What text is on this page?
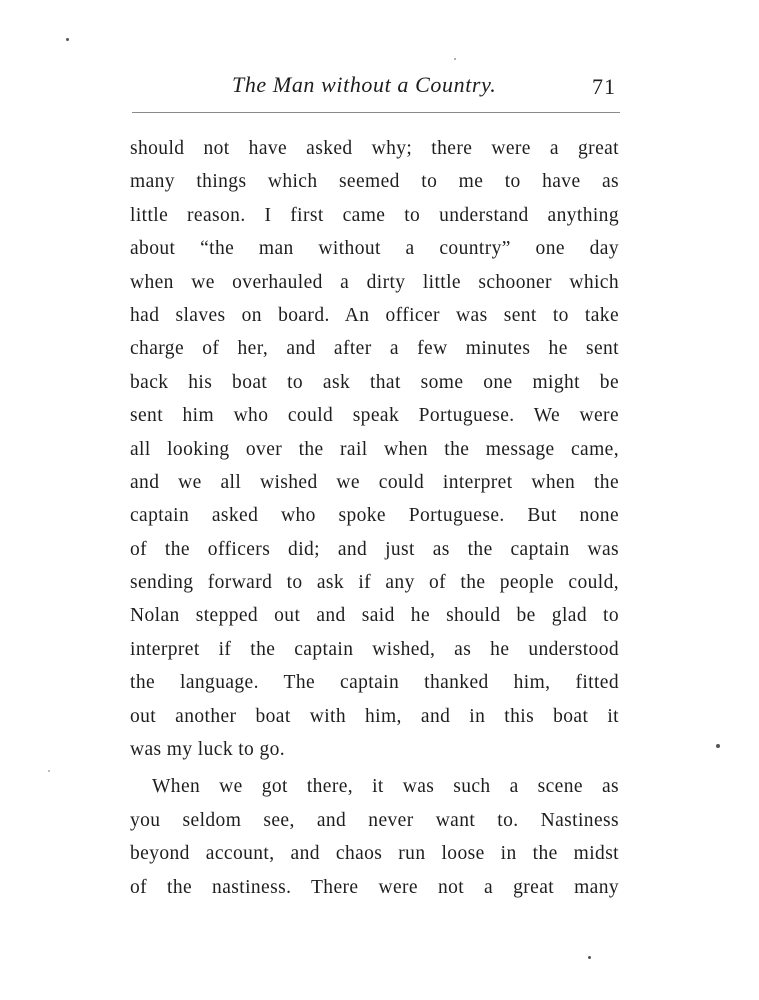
The Man without a Country.	71
should not have asked why; there were a great
many things which seemed to me to have as
little reason. I first came to understand anything
about “the man without a country” one day
when we overhauled a dirty little schooner which
had slaves on board. An officer was sent to take
charge of her, and after a few minutes he sent
back his boat to ask that some one might be
sent him who could speak Portuguese. We were
all looking over the rail when the message came,
and we all wished we could interpret when the
captain asked who spoke Portuguese. But none
of the officers did; and just as the captain was
sending forward to ask if any of the people could,
Nolan stepped out and said he should be glad to
interpret if the captain wished, as he understood
the language. The captain thanked him, fitted
out another boat with him, and in this boat it
was my luck to go.
When we got there, it was such a scene as
you seldom see, and never want to. Nastiness
beyond account, and chaos run loose in the midst
of the nastiness. There were not a great many
